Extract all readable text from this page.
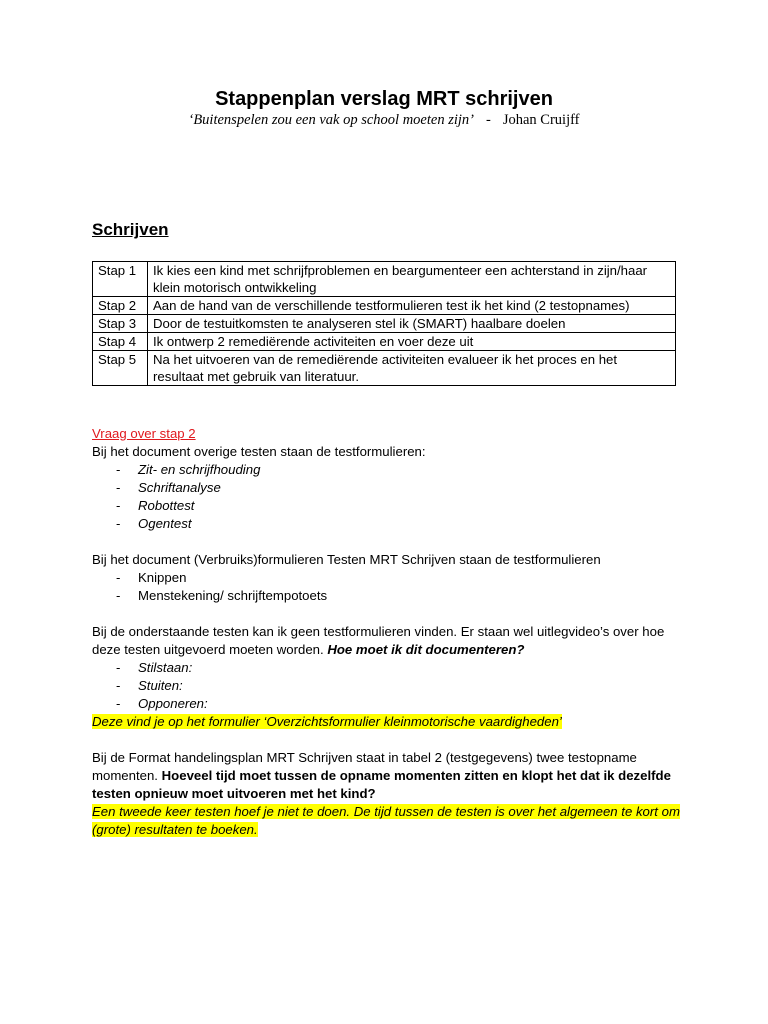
Stappenplan verslag MRT schrijven
‘Buitenspelen zou een vak op school moeten zijn’ - Johan Cruijff
Schrijven
Stap 1	Ik kies een kind met schrijfproblemen en beargumenteer een achterstand in zijn/haar klein motorisch ontwikkeling
Stap 2	Aan de hand van de verschillende testformulieren test ik het kind (2 testopnames)
Stap 3	Door de testuitkomsten te analyseren stel ik (SMART) haalbare doelen
Stap 4	Ik ontwerp 2 remediërende activiteiten en voer deze uit
Stap 5	Na het uitvoeren van de remediërende activiteiten evalueer ik het proces en het resultaat met gebruik van literatuur.

Vraag over stap 2

Bij het document overige testen staan de testformulieren:

- Zit- en schrijfhouding
- Schriftanalyse
- Robottest
- Ogentest

Bij het document (Verbruiks)formulieren Testen MRT Schrijven staan de testformulieren

- Knippen
- Menstekening/ schrijftempotoets

Bij de onderstaande testen kan ik geen testformulieren vinden. Er staan wel uitlegvideo’s over hoe deze testen uitgevoerd moeten worden. Hoe moet ik dit documenteren?

- Stilstaan:
- Stuiten:
- Opponeren:

Deze vind je op het formulier ‘Overzichtsformulier kleinmotorische vaardigheden’

Bij de Format handelingsplan MRT Schrijven staat in tabel 2 (testgegevens) twee testopname momenten. Hoeveel tijd moet tussen de opname momenten zitten en klopt het dat ik dezelfde testen opnieuw moet uitvoeren met het kind?

Een tweede keer testen hoef je niet te doen. De tijd tussen de testen is over het algemeen te kort om (grote) resultaten te boeken.
